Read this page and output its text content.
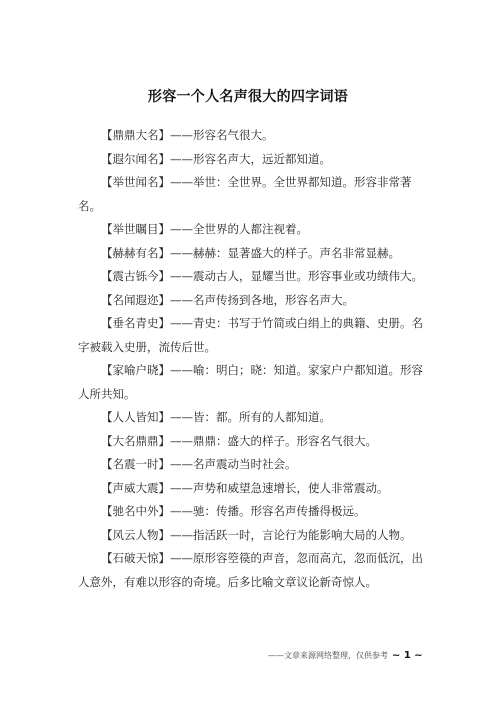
形容一个人名声很大的四字词语

【鼎鼎大名】——形容名气很大。

【遐尔闻名】——形容名声大，远近都知道。

【举世闻名】——举世：全世界。全世界都知道。形容非常著名。

【举世瞩目】——全世界的人都注视着。

【赫赫有名】——赫赫：显著盛大的样子。声名非常显赫。

【震古铄今】——震动古人，显耀当世。形容事业或功绩伟大。

【名闻遐迩】——名声传扬到各地，形容名声大。

【垂名青史】——青史：书写于竹简或白绢上的典籍、史册。名字被载入史册，流传后世。

【家喻户晓】——喻：明白；晓：知道。家家户户都知道。形容人所共知。

【人人皆知】——皆：都。所有的人都知道。

【大名鼎鼎】——鼎鼎：盛大的样子。形容名气很大。

【名震一时】——名声震动当时社会。

【声威大震】——声势和威望急速增长，使人非常震动。

【驰名中外】——驰：传播。形容名声传播得极远。

【风云人物】——指活跃一时，言论行为能影响大局的人物。

【石破天惊】——原形容箜篌的声音，忽而高亢，忽而低沉，出人意外，有难以形容的奇境。后多比喻文章议论新奇惊人。

——文章来源网络整理，仅供参考 ~ 1 ~
